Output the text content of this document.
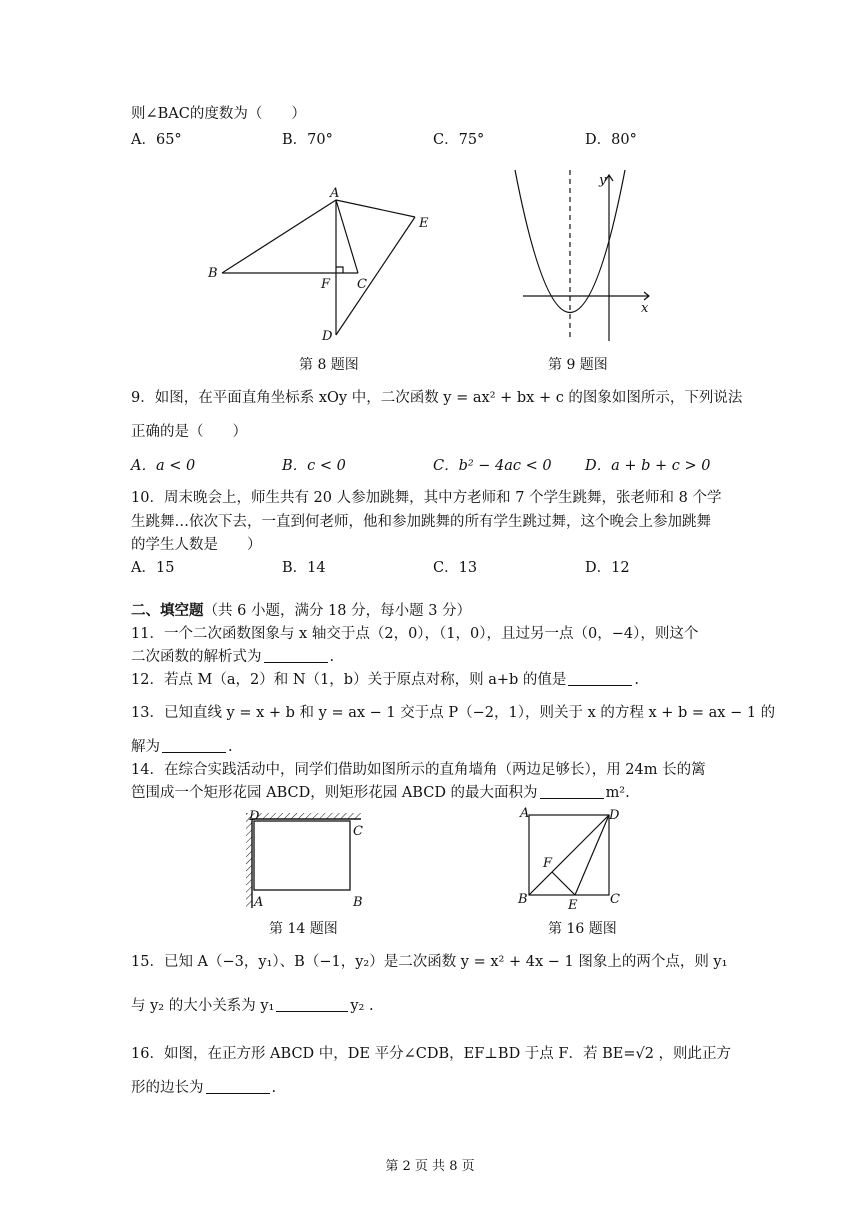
则∠BAC的度数为（　　）
A．65°	B．70°	C．75°	D．80°
A
B
C
D
E
F
第 8 题图
y
x
第 9 题图
9．如图，在平面直角坐标系 xOy 中，二次函数 y = ax² + bx + c 的图象如图所示，下列说法
正确的是（　　）
A．a < 0	B．c < 0	C．b² − 4ac < 0 D．a + b + c > 0
10．周末晚会上，师生共有 20 人参加跳舞，其中方老师和 7 个学生跳舞，张老师和 8 个学
生跳舞…依次下去，一直到何老师，他和参加跳舞的所有学生跳过舞，这个晚会上参加跳舞
的学生人数是　　）
A．15	B．14	C．13	D．12
二、填空题（共 6 小题，满分 18 分，每小题 3 分）
11．一个二次函数图象与 x 轴交于点（2，0），（1，0），且过另一点（0，−4），则这个
二次函数的解析式为	.
12．若点 M（a，2）和 N（1，b）关于原点对称，则 a+b 的值是	.
13．已知直线 y = x + b 和 y = ax − 1 交于点 P（−2，1），则关于 x 的方程 x + b = ax − 1 的
解为	.
14．在综合实践活动中，同学们借助如图所示的直角墙角（两边足够长），用 24m 长的篱
笆围成一个矩形花园 ABCD，则矩形花园 ABCD 的最大面积为	m².
D
C
A	B
第 14 题图
A	D
B	C
E
F
第 16 题图
15．已知 A（−3，y₁）、B（−1，y₂）是二次函数 y = x² + 4x − 1 图象上的两个点，则 y₁
与 y₂ 的大小关系为 y₁	y₂ .
16．如图，在正方形 ABCD 中，DE 平分∠CDB，EF⊥BD 于点 F．若 BE=√2 ，则此正方
形的边长为	.
第 2 页 共 8 页
